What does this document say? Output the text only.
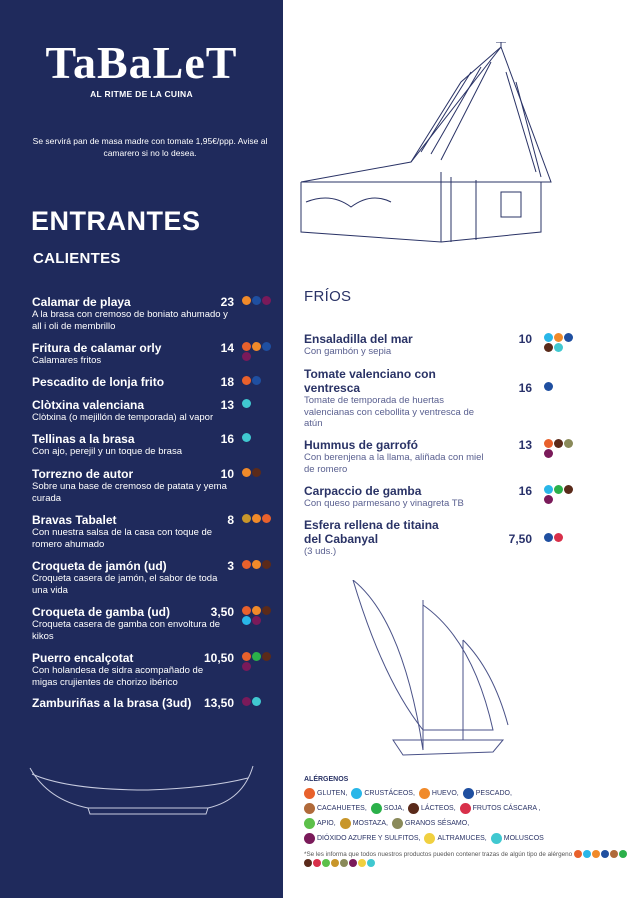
TaBaLeT
AL RITME DE LA CUINA
Se servirá pan de masa madre con tomate 1,95€/ppp. Avise al camarero si no lo desea.
ENTRANTES
CALIENTES
Calamar de playa	23
A la brasa con cremoso de boniato ahumado y all i oli de membrillo
Fritura de calamar orly	14
Calamares fritos
Pescadito de lonja frito	18
Clòtxina valenciana	13
Clòtxina (o mejillón de temporada) al vapor
Tellinas a la brasa	16
Con ajo, perejil y un toque de brasa
Torrezno de autor	10
Sobre una base de cremoso de patata y yema curada
Bravas Tabalet	8
Con nuestra salsa de la casa con toque de romero ahumado
Croqueta de jamón (ud)	3
Croqueta casera de jamón, el sabor de toda una vida
Croqueta de gamba (ud)	3,50
Croqueta casera de gamba con envoltura de kikos
Puerro encalçotat	10,50
Con holandesa de sidra acompañado de migas crujientes de chorizo ibérico
Zamburiñas a la brasa (3ud)	13,50
FRÍOS
Ensaladilla del mar	10
Con gambón y sepia
Tomate valenciano con ventresca	16
Tomate de temporada de huertas valencianas con cebollita y ventresca de atún
Hummus de garrofó	13
Con berenjena a la llama, aliñada con miel de romero
Carpaccio de gamba	16
Con queso parmesano y vinagreta TB
Esfera rellena de titaina del Cabanyal	7,50
(3 uds.)
ALÉRGENOS
GLUTEN, CRUSTÁCEOS, HUEVO, PESCADO,
CACAHUETES, SOJA, LÁCTEOS, FRUTOS CÁSCARA ,
APIO, MOSTAZA, GRANOS SÉSAMO,
DIÓXIDO AZUFRE Y SULFITOS, ALTRAMUCES, MOLUSCOS
*Se les informa que todos nuestros productos pueden contener trazas de algún tipo de alérgeno
